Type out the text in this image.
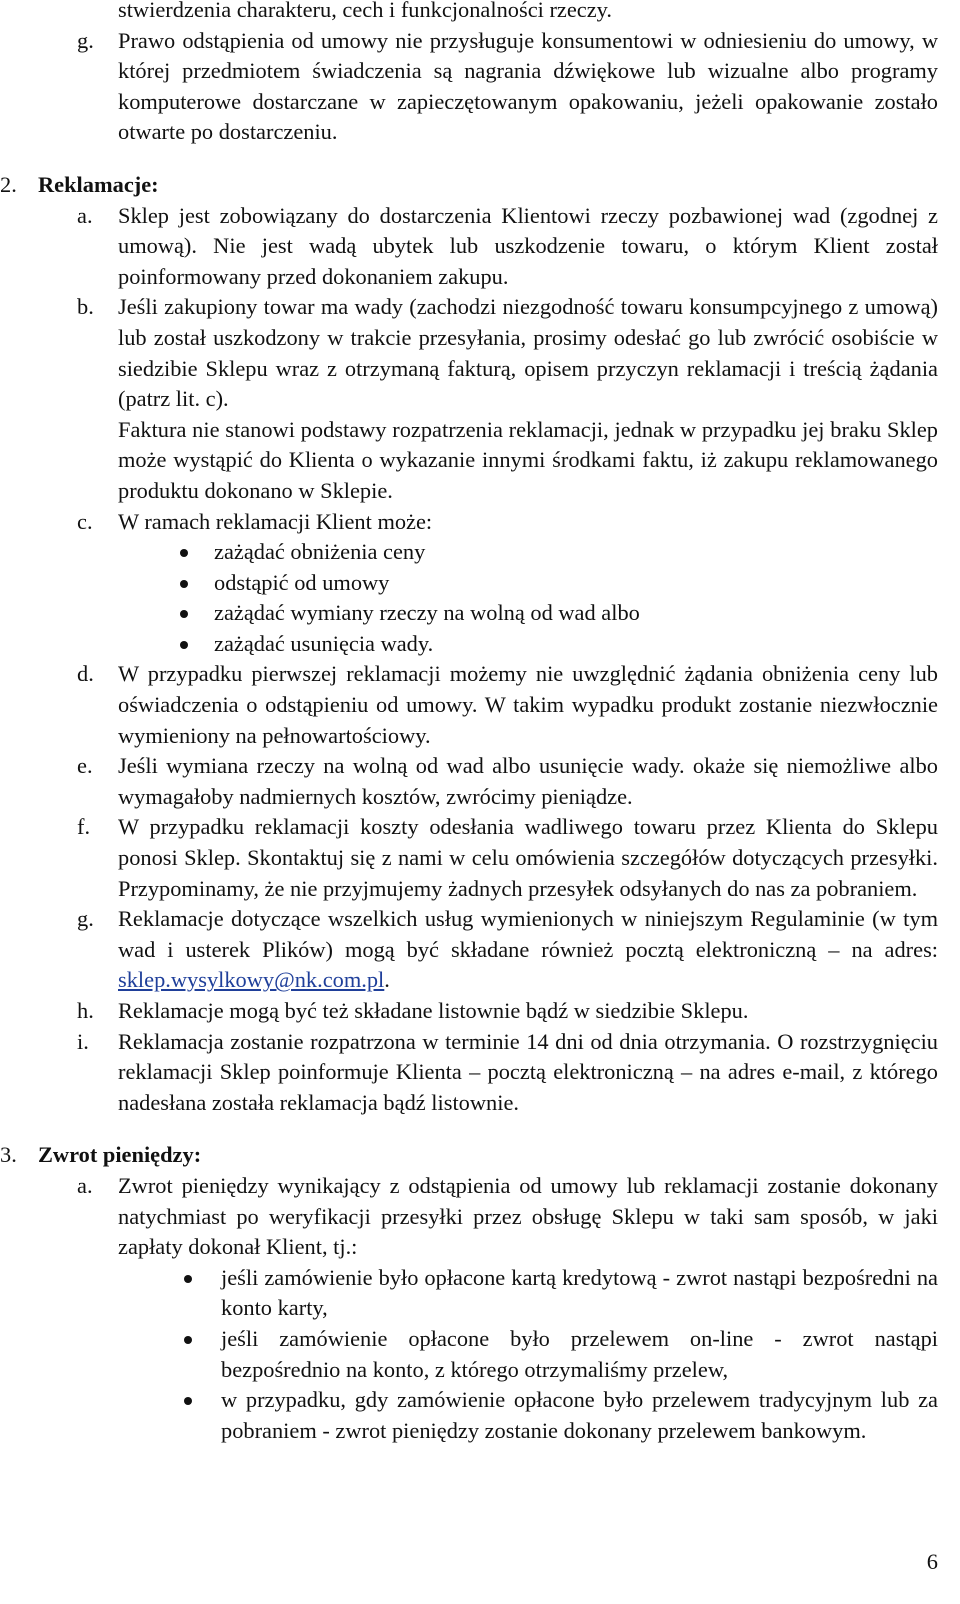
stwierdzenia charakteru, cech i funkcjonalności rzeczy.
g. Prawo odstąpienia od umowy nie przysługuje konsumentowi w odniesieniu do umowy, w której przedmiotem świadczenia są nagrania dźwiękowe lub wizualne albo programy komputerowe dostarczane w zapieczętowanym opakowaniu, jeżeli opakowanie zostało otwarte po dostarczeniu.
2. Reklamacje:
a. Sklep jest zobowiązany do dostarczenia Klientowi rzeczy pozbawionej wad (zgodnej z umową). Nie jest wadą ubytek lub uszkodzenie towaru, o którym Klient został poinformowany przed dokonaniem zakupu.
b. Jeśli zakupiony towar ma wady (zachodzi niezgodność towaru konsumpcyjnego z umową) lub został uszkodzony w trakcie przesyłania, prosimy odesłać go lub zwrócić osobiście w siedzibie Sklepu wraz z otrzymaną fakturą, opisem przyczyn reklamacji i treścią żądania (patrz lit. c).
Faktura nie stanowi podstawy rozpatrzenia reklamacji, jednak w przypadku jej braku Sklep może wystąpić do Klienta o wykazanie innymi środkami faktu, iż zakupu reklamowanego produktu dokonano w Sklepie.
c. W ramach reklamacji Klient może:
zażądać obniżenia ceny
odstąpić od umowy
zażądać wymiany rzeczy na wolną od wad albo
zażądać usunięcia wady.
d. W przypadku pierwszej reklamacji możemy nie uwzględnić żądania obniżenia ceny lub oświadczenia o odstąpieniu od umowy. W takim wypadku produkt zostanie niezwłocznie wymieniony na pełnowartościowy.
e. Jeśli wymiana rzeczy na wolną od wad albo usunięcie wady. okaże się niemożliwe albo wymagałoby nadmiernych kosztów, zwrócimy pieniądze.
f. W przypadku reklamacji koszty odesłania wadliwego towaru przez Klienta do Sklepu ponosi Sklep. Skontaktuj się z nami w celu omówienia szczegółów dotyczących przesyłki. Przypominamy, że nie przyjmujemy żadnych przesyłek odsyłanych do nas za pobraniem.
g. Reklamacje dotyczące wszelkich usług wymienionych w niniejszym Regulaminie (w tym wad i usterek Plików) mogą być składane również pocztą elektroniczną – na adres: sklep.wysylkowy@nk.com.pl.
h. Reklamacje mogą być też składane listownie bądź w siedzibie Sklepu.
i. Reklamacja zostanie rozpatrzona w terminie 14 dni od dnia otrzymania. O rozstrzygnięciu reklamacji Sklep poinformuje Klienta – pocztą elektroniczną – na adres e-mail, z którego nadesłana została reklamacja bądź listownie.
3. Zwrot pieniędzy:
a. Zwrot pieniędzy wynikający z odstąpienia od umowy lub reklamacji zostanie dokonany natychmiast po weryfikacji przesyłki przez obsługę Sklepu w taki sam sposób, w jaki zapłaty dokonał Klient, tj.:
jeśli zamówienie było opłacone kartą kredytową - zwrot nastąpi bezpośredni na konto karty,
jeśli zamówienie opłacone było przelewem on-line - zwrot nastąpi bezpośrednio na konto, z którego otrzymaliśmy przelew,
w przypadku, gdy zamówienie opłacone było przelewem tradycyjnym lub za pobraniem - zwrot pieniędzy zostanie dokonany przelewem bankowym.
6
